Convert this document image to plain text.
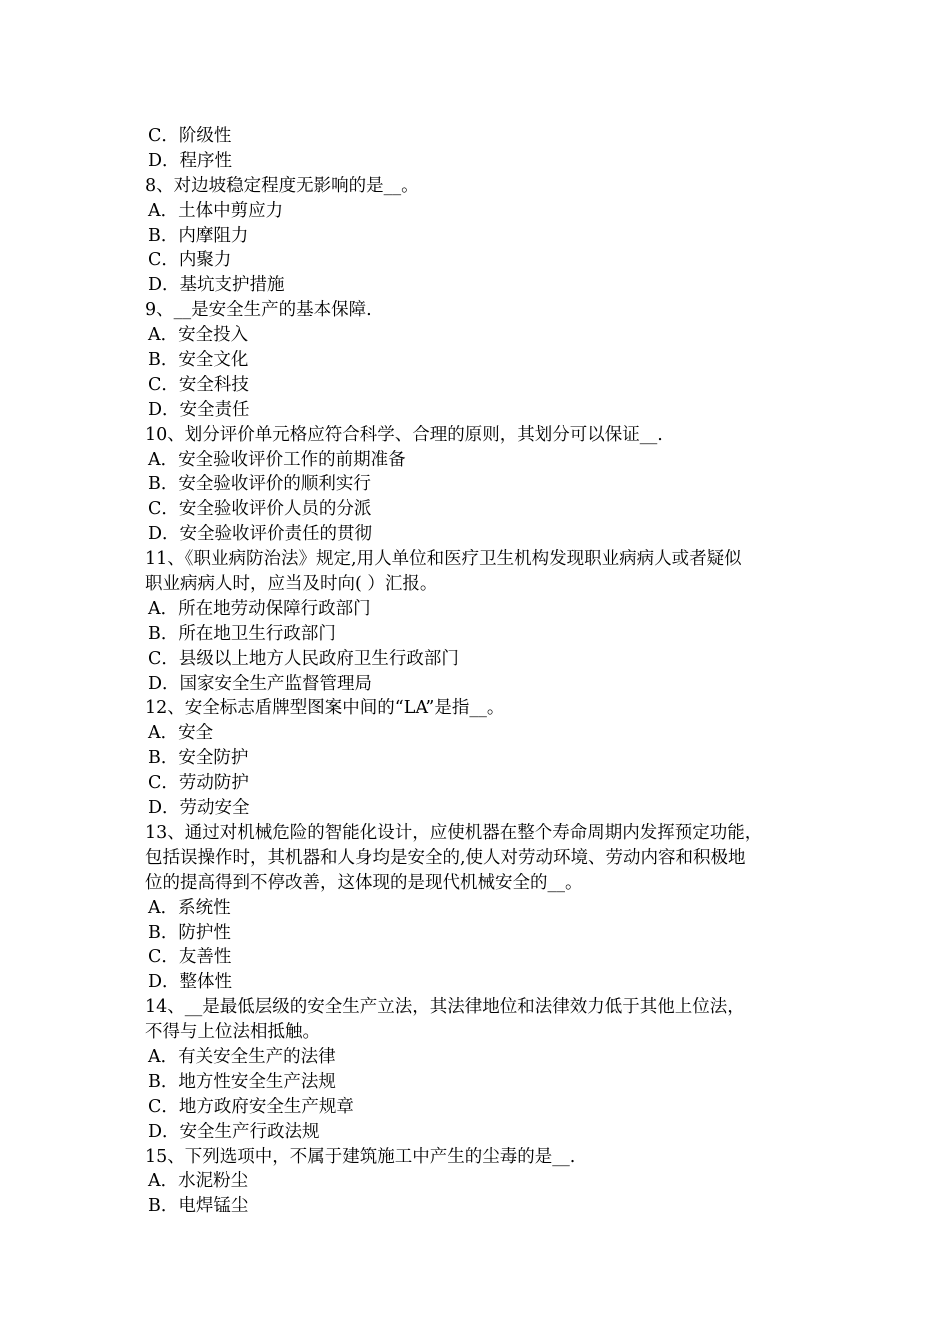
C．阶级性
D．程序性
8、对边坡稳定程度无影响的是__。
A．土体中剪应力
B．内摩阻力
C．内聚力
D．基坑支护措施
9、__是安全生产的基本保障.
A．安全投入
B．安全文化
C．安全科技
D．安全责任
10、划分评价单元格应符合科学、合理的原则，其划分可以保证__.
A．安全验收评价工作的前期准备
B．安全验收评价的顺利实行
C．安全验收评价人员的分派
D．安全验收评价责任的贯彻
11、《职业病防治法》规定,用人单位和医疗卫生机构发现职业病病人或者疑似
职业病病人时，应当及时向( ）汇报。
A．所在地劳动保障行政部门
B．所在地卫生行政部门
C．县级以上地方人民政府卫生行政部门
D．国家安全生产监督管理局
12、安全标志盾牌型图案中间的“LA”是指__。
A．安全
B．安全防护
C．劳动防护
D．劳动安全
13、通过对机械危险的智能化设计，应使机器在整个寿命周期内发挥预定功能，
包括误操作时，其机器和人身均是安全的,使人对劳动环境、劳动内容和积极地
位的提高得到不停改善，这体现的是现代机械安全的__。
A．系统性
B．防护性
C．友善性
D．整体性
14、__是最低层级的安全生产立法，其法律地位和法律效力低于其他上位法，
不得与上位法相抵触。
A．有关安全生产的法律
B．地方性安全生产法规
C．地方政府安全生产规章
D．安全生产行政法规
15、下列选项中，不属于建筑施工中产生的尘毒的是__.
A．水泥粉尘
B．电焊锰尘
